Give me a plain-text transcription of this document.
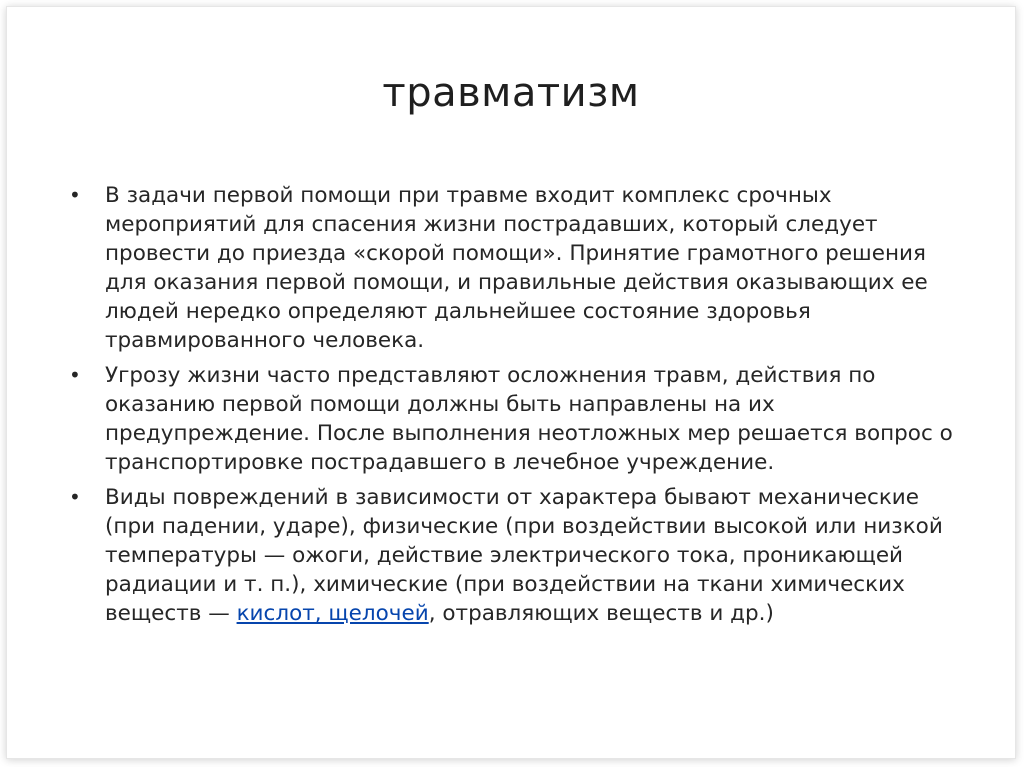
травматизм
• В задачи первой помощи при травме входит комплекс срочных мероприятий для спасения жизни пострадавших, который следует провести до приезда «скорой помощи». Принятие грамотного решения для оказания первой помощи, и правильные действия оказывающих ее людей нередко определяют дальнейшее состояние здоровья травмированного человека.
• Угрозу жизни часто представляют осложнения травм, действия по оказанию первой помощи должны быть направлены на их предупреждение. После выполнения неотложных мер решается вопрос о транспортировке пострадавшего в лечебное учреждение.
• Виды повреждений в зависимости от характера бывают механические (при падении, ударе), физические (при воздействии высокой или низкой температуры — ожоги, действие электрического тока, проникающей радиации и т. п.), химические (при воздействии на ткани химических веществ — кислот, щелочей, отравляющих веществ и др.)
